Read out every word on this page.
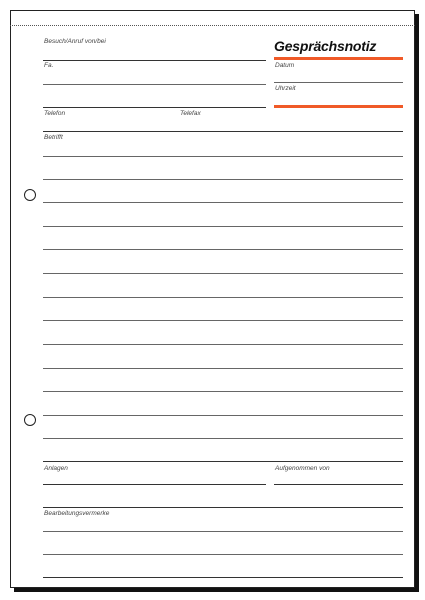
Besuch/Anruf von/bei
Fa.
Telefon	Telefax
Gesprächsnotiz
Datum
Uhrzeit
Betrifft
Anlagen	Aufgenommen von
Bearbeitungsvermerke
